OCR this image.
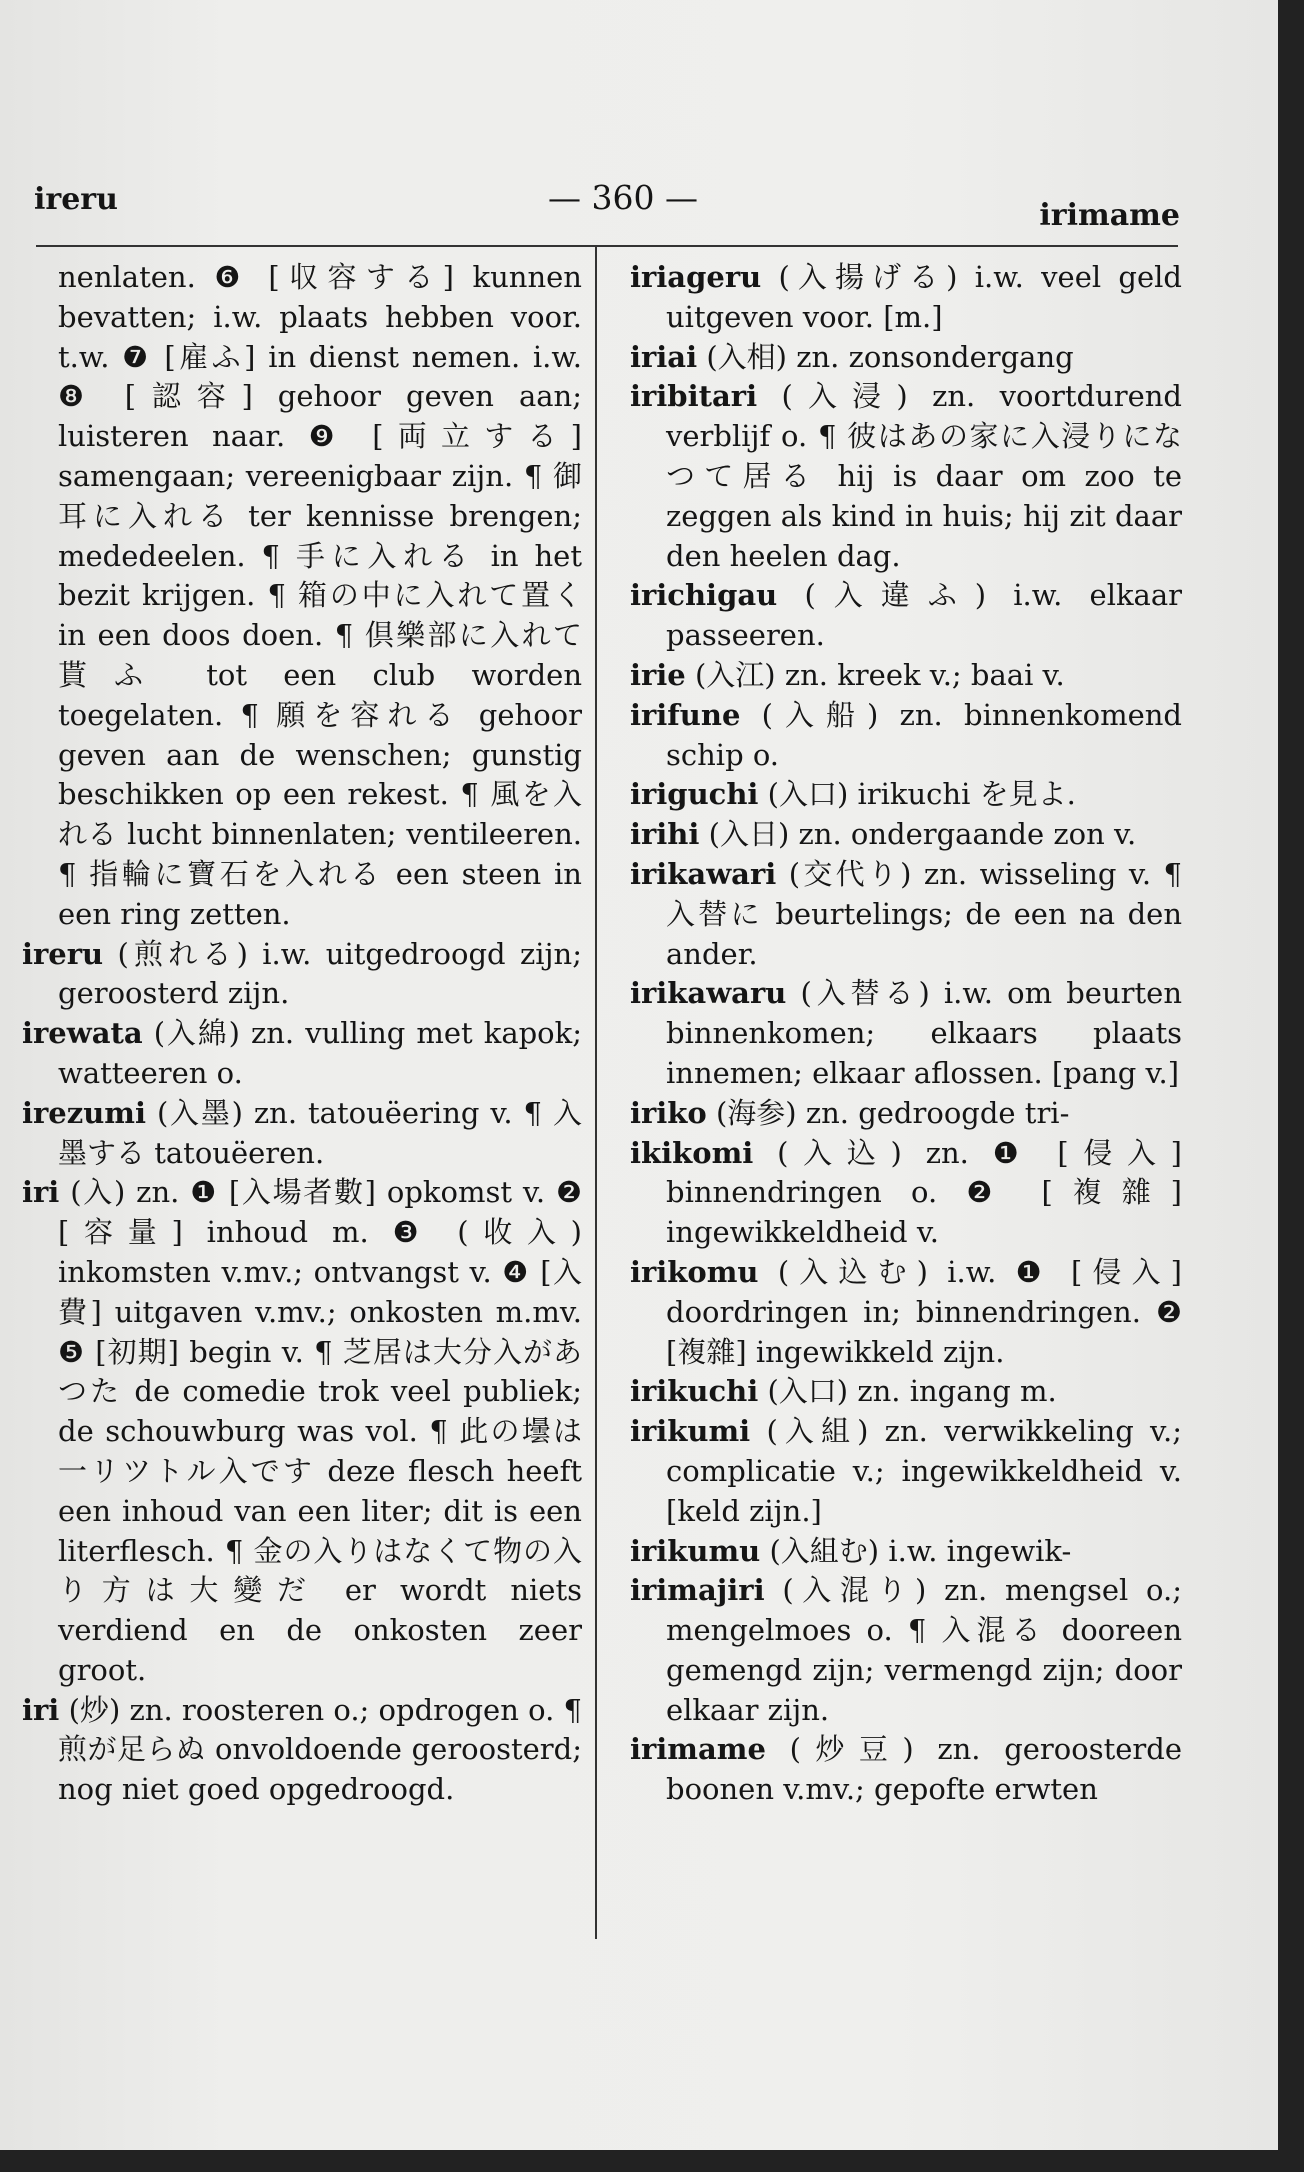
ireru	— 360 —	irimame
nenlaten. ❻ [収容する] kunnen bevatten; i.w. plaats hebben voor. t.w. ❼ [雇ふ] in dienst nemen. i.w. ❽ [認容] gehoor geven aan; luisteren naar. ❾ [両立する] samengaan; vereenigbaar zijn. ¶ 御耳に入れる ter kennisse brengen; mededeelen. ¶ 手に入れる in het bezit krijgen. ¶ 箱の中に入れて置く in een doos doen. ¶ 倶樂部に入れて貰ふ tot een club worden toegelaten. ¶ 願を容れる gehoor geven aan de wenschen; gunstig beschikken op een rekest. ¶ 風を入れる lucht binnenlaten; ventileeren. ¶ 指輪に寶石を入れる een steen in een ring zetten.
ireru (煎れる) i.w. uitgedroogd zijn; geroosterd zijn.
irewata (入綿) zn. vulling met kapok; watteeren o.
irezumi (入墨) zn. tatouëering v. ¶ 入墨する tatouëeren.
iri (入) zn. ❶ [入場者數] opkomst v. ❷ [容量] inhoud m. ❸ (收入) inkomsten v.mv.; ontvangst v. ❹ [入費] uitgaven v.mv.; onkosten m.mv. ❺ [初期] begin v. ¶ 芝居は大分入があつた de comedie trok veel publiek; de schouwburg was vol. ¶ 此の壜は一リツトル入です deze flesch heeft een inhoud van een liter; dit is een literflesch. ¶ 金の入りはなくて物の入り方は大變だ er wordt niets verdiend en de onkosten zeer groot.
iri (炒) zn. roosteren o.; opdrogen o. ¶ 煎が足らぬ onvoldoende geroosterd; nog niet goed opgedroogd.
iriageru (入揚げる) i.w. veel geld uitgeven voor. [m.]
iriai (入相) zn. zonsondergang
iribitari (入浸) zn. voortdurend verblijf o. ¶ 彼はあの家に入浸りになつて居る hij is daar om zoo te zeggen als kind in huis; hij zit daar den heelen dag.
irichigau (入違ふ) i.w. elkaar passeeren.
irie (入江) zn. kreek v.; baai v.
irifune (入船) zn. binnenkomend schip o.
iriguchi (入口) irikuchi を見よ.
irihi (入日) zn. ondergaande zon v.
irikawari (交代り) zn. wisseling v. ¶ 入替に beurtelings; de een na den ander.
irikawaru (入替る) i.w. om beurten binnenkomen; elkaars plaats innemen; elkaar aflossen. [pang v.]
iriko (海参) zn. gedroogde tri-
ikikomi (入込) zn. ❶ [侵入] binnendringen o. ❷ [複雜] ingewikkeldheid v.
irikomu (入込む) i.w. ❶ [侵入] doordringen in; binnendringen. ❷ [複雜] ingewikkeld zijn.
irikuchi (入口) zn. ingang m.
irikumi (入組) zn. verwikkeling v.; complicatie v.; ingewikkeldheid v. [keld zijn.]
irikumu (入組む) i.w. ingewik-
irimajiri (入混り) zn. mengsel o.; mengelmoes o. ¶ 入混る dooreen gemengd zijn; vermengd zijn; door elkaar zijn.
irimame (炒豆) zn. geroosterde boonen v.mv.; gepofte erwten
